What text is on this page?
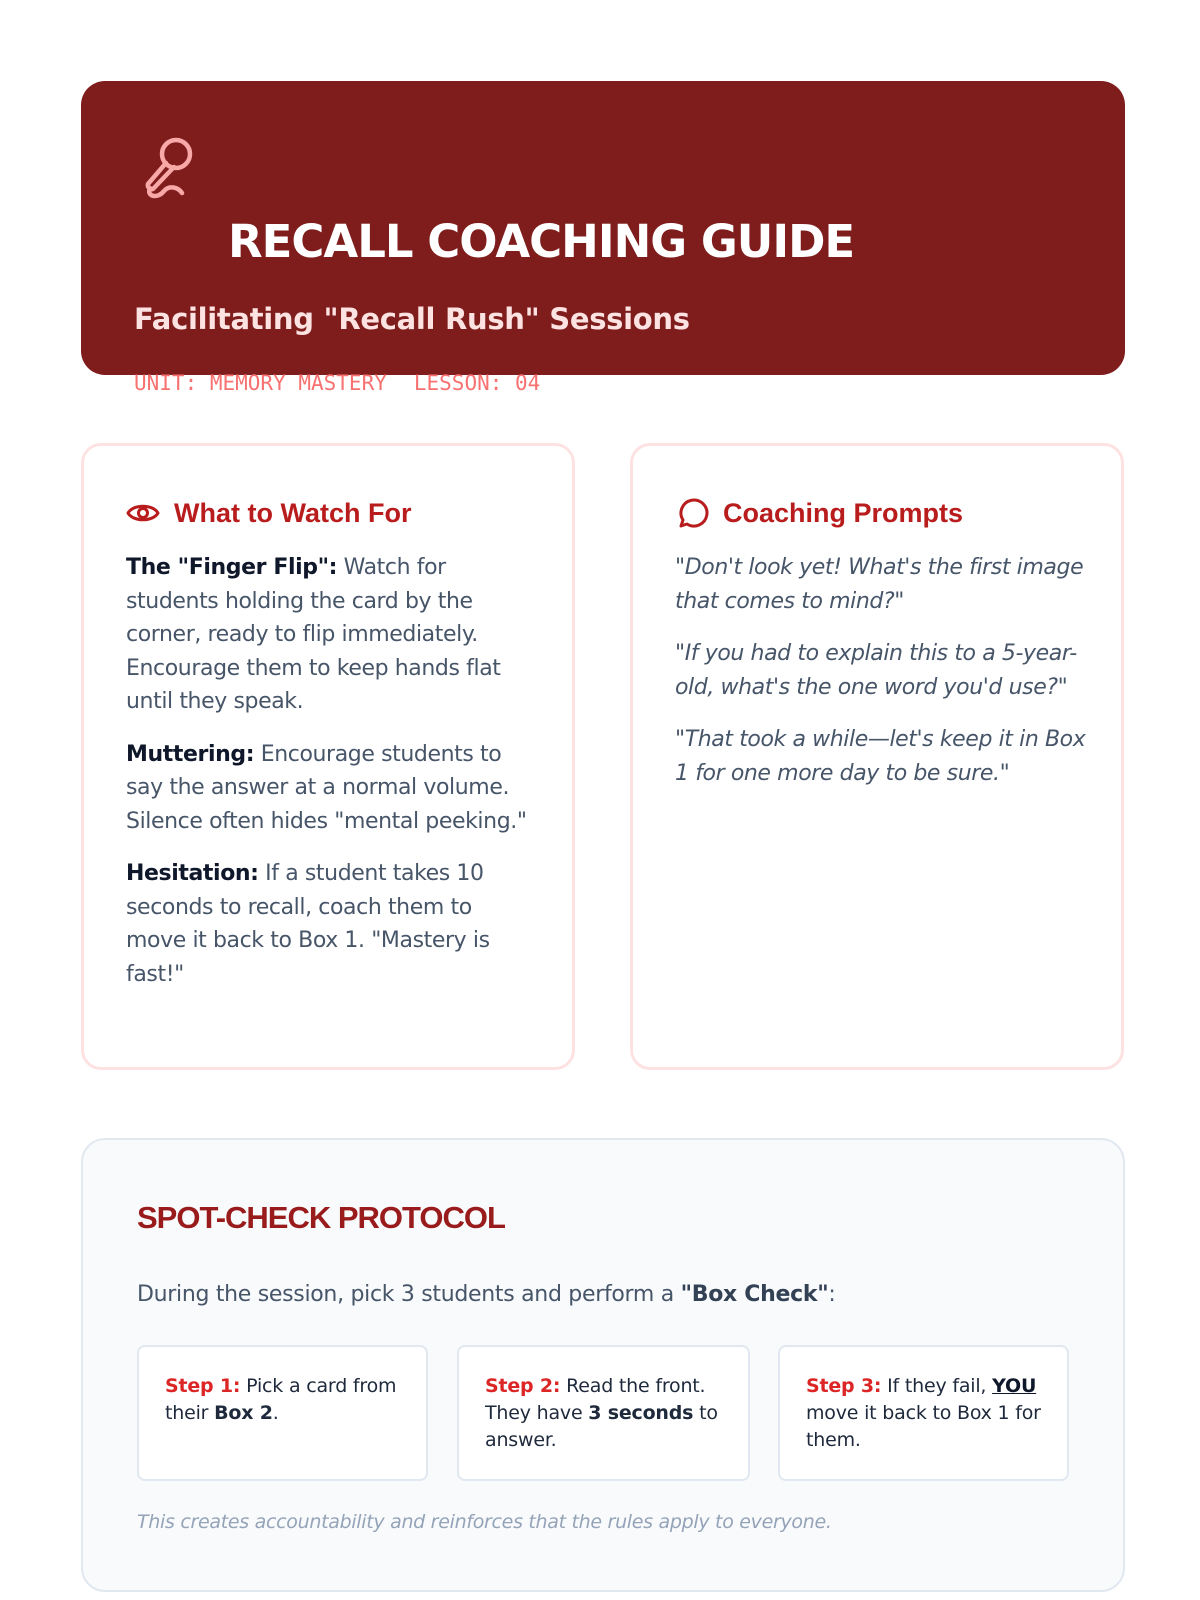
RECALL COACHING GUIDE
Facilitating "Recall Rush" Sessions
UNIT: MEMORY MASTERY LESSON: 04
What to Watch For

The "Finger Flip": Watch for students holding the card by the corner, ready to flip immediately. Encourage them to keep hands flat until they speak.

Muttering: Encourage students to say the answer at a normal volume. Silence often hides "mental peeking."

Hesitation: If a student takes 10 seconds to recall, coach them to move it back to Box 1. "Mastery is fast!"

Coaching Prompts

"Don't look yet! What's the first image that comes to mind?"

"If you had to explain this to a 5-year-old, what's the one word you'd use?"

"That took a while—let's keep it in Box 1 for one more day to be sure."

SPOT-CHECK PROTOCOL
During the session, pick 3 students and perform a "Box Check":
Step 1: Pick a card from their Box 2.
Step 2: Read the front. They have 3 seconds to answer.
Step 3: If they fail, YOU move it back to Box 1 for them.
This creates accountability and reinforces that the rules apply to everyone.
